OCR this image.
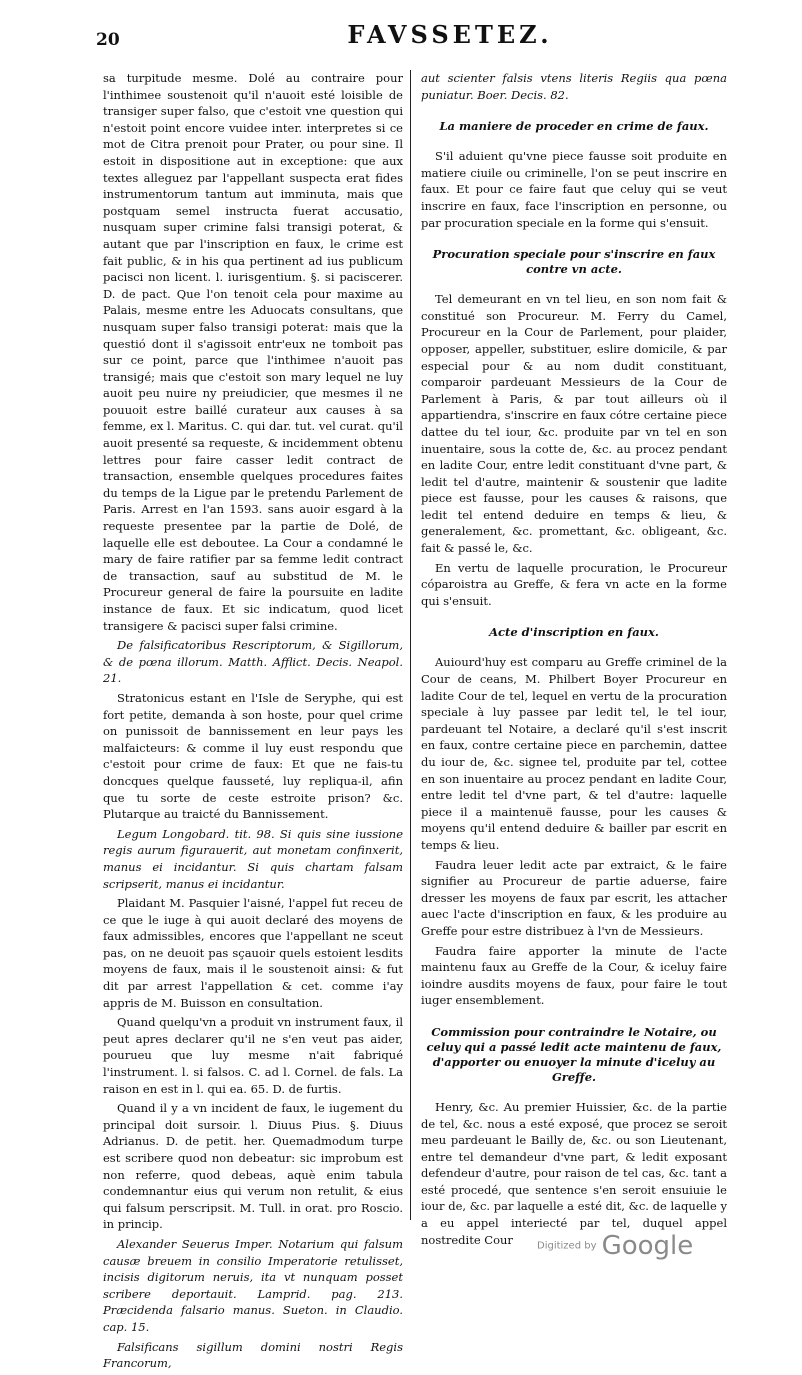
20	FAVSSETEZ.

sa turpitude mesme. Dolé au contraire pour l'inthimee soustenoit qu'il n'auoit esté loisible de transiger super falso, que c'estoit vne question qui n'estoit point encore vuidee inter. interpretes si ce mot de Citra prenoit pour Prater, ou pour sine. Il estoit in dispositione aut in exceptione: que aux textes alleguez par l'appellant suspecta erat fides instrumentorum tantum aut imminuta, mais que postquam semel instructa fuerat accusatio, nusquam super crimine falsi transigi poterat, & autant que par l'inscription en faux, le crime est fait public, & in his qua pertinent ad ius publicum pacisci non licent. l. iurisgentium. §. si paciscerer. D. de pact. Que l'on tenoit cela pour maxime au Palais, mesme entre les Aduocats consultans, que nusquam super falso transigi poterat: mais que la questió dont il s'agissoit entr'eux ne tomboit pas sur ce point, parce que l'inthimee n'auoit pas transigé; mais que c'estoit son mary lequel ne luy auoit peu nuire ny preiudicier, que mesmes il ne pouuoit estre baillé curateur aux causes à sa femme, ex l. Maritus. C. qui dar. tut. vel curat. qu'il auoit presenté sa requeste, & incidemment obtenu lettres pour faire casser ledit contract de transaction, ensemble quelques procedures faites du temps de la Ligue par le pretendu Parlement de Paris. Arrest en l'an 1593. sans auoir esgard à la requeste presentee par la partie de Dolé, de laquelle elle est deboutee. La Cour a condamné le mary de faire ratifier par sa femme ledit contract de transaction, sauf au substitud de M. le Procureur general de faire la poursuite en ladite instance de faux. Et sic indicatum, quod licet transigere & pacisci super falsi crimine.

De falsificatoribus Rescriptorum, & Sigillorum, & de pœna illorum. Matth. Afflict. Decis. Neapol. 21.

Stratonicus estant en l'Isle de Seryphe, qui est fort petite, demanda à son hoste, pour quel crime on punissoit de bannissement en leur pays les malfaicteurs: & comme il luy eust respondu que c'estoit pour crime de faux: Et que ne fais-tu doncques quelque fausseté, luy repliqua-il, afin que tu sorte de ceste estroite prison? &c. Plutarque au traicté du Bannissement.

Legum Longobard. tit. 98. Si quis sine iussione regis aurum figurauerit, aut monetam confinxerit, manus ei incidantur. Si quis chartam falsam scripserit, manus ei incidantur.

Plaidant M. Pasquier l'aisné, l'appel fut receu de ce que le iuge à qui auoit declaré des moyens de faux admissibles, encores que l'appellant ne sceut pas, on ne deuoit pas sçauoir quels estoient lesdits moyens de faux, mais il le soustenoit ainsi: & fut dit par arrest l'appellation & cet. comme i'ay appris de M. Buisson en consultation.

Quand quelqu'vn a produit vn instrument faux, il peut apres declarer qu'il ne s'en veut pas aider, pourueu que luy mesme n'ait fabriqué l'instrument. l. si falsos. C. ad l. Cornel. de fals. La raison en est in l. qui ea. 65. D. de furtis.

Quand il y a vn incident de faux, le iugement du principal doit sursoir. l. Diuus Pius. §. Diuus Adrianus. D. de petit. her. Quemadmodum turpe est scribere quod non debeatur: sic improbum est non referre, quod debeas, aquè enim tabula condemnantur eius qui verum non retulit, & eius qui falsum perscripsit. M. Tull. in orat. pro Roscio. in princip.

Alexander Seuerus Imper. Notarium qui falsum causæ breuem in consilio Imperatorie retulisset, incisis digitorum neruis, ita vt nunquam posset scribere deportauit. Lamprid. pag. 213. Præcidenda falsario manus. Sueton. in Claudio. cap. 15.

Falsificans sigillum domini nostri Regis Francorum,

aut scienter falsis vtens literis Regiis qua pœna puniatur. Boer. Decis. 82.

La maniere de proceder en crime de faux.

S'il aduient qu'vne piece fausse soit produite en matiere ciuile ou criminelle, l'on se peut inscrire en faux. Et pour ce faire faut que celuy qui se veut inscrire en faux, face l'inscription en personne, ou par procuration speciale en la forme qui s'ensuit.

Procuration speciale pour s'inscrire en faux contre vn acte.

Tel demeurant en vn tel lieu, en son nom fait & constitué son Procureur. M. Ferry du Camel, Procureur en la Cour de Parlement, pour plaider, opposer, appeller, substituer, eslire domicile, & par especial pour & au nom dudit constituant, comparoir pardeuant Messieurs de la Cour de Parlement à Paris, & par tout ailleurs où il appartiendra, s'inscrire en faux cótre certaine piece dattee du tel iour, &c. produite par vn tel en son inuentaire, sous la cotte de, &c. au procez pendant en ladite Cour, entre ledit constituant d'vne part, & ledit tel d'autre, maintenir & soustenir que ladite piece est fausse, pour les causes & raisons, que ledit tel entend deduire en temps & lieu, & generalement, &c. promettant, &c. obligeant, &c. fait & passé le, &c.

En vertu de laquelle procuration, le Procureur cóparoistra au Greffe, & fera vn acte en la forme qui s'ensuit.

Acte d'inscription en faux.

Auiourd'huy est comparu au Greffe criminel de la Cour de ceans, M. Philbert Boyer Procureur en ladite Cour de tel, lequel en vertu de la procuration speciale à luy passee par ledit tel, le tel iour, pardeuant tel Notaire, a declaré qu'il s'est inscrit en faux, contre certaine piece en parchemin, dattee du iour de, &c. signee tel, produite par tel, cottee en son inuentaire au procez pendant en ladite Cour, entre ledit tel d'vne part, & tel d'autre: laquelle piece il a maintenuë fausse, pour les causes & moyens qu'il entend deduire & bailler par escrit en temps & lieu.

Faudra leuer ledit acte par extraict, & le faire signifier au Procureur de partie aduerse, faire dresser les moyens de faux par escrit, les attacher auec l'acte d'inscription en faux, & les produire au Greffe pour estre distribuez à l'vn de Messieurs.

Faudra faire apporter la minute de l'acte maintenu faux au Greffe de la Cour, & iceluy faire ioindre ausdits moyens de faux, pour faire le tout iuger ensemblement.

Commission pour contraindre le Notaire, ou celuy qui a passé ledit acte maintenu de faux, d'apporter ou enuoyer la minute d'iceluy au Greffe.

Henry, &c. Au premier Huissier, &c. de la partie de tel, &c. nous a esté exposé, que procez se seroit meu pardeuant le Bailly de, &c. ou son Lieutenant, entre tel demandeur d'vne part, & ledit exposant defendeur d'autre, pour raison de tel cas, &c. tant a esté procedé, que sentence s'en seroit ensuiuie le iour de, &c. par laquelle a esté dit, &c. de laquelle y a eu appel interiecté par tel, duquel appel nostredite Cour	Digitized by Google
